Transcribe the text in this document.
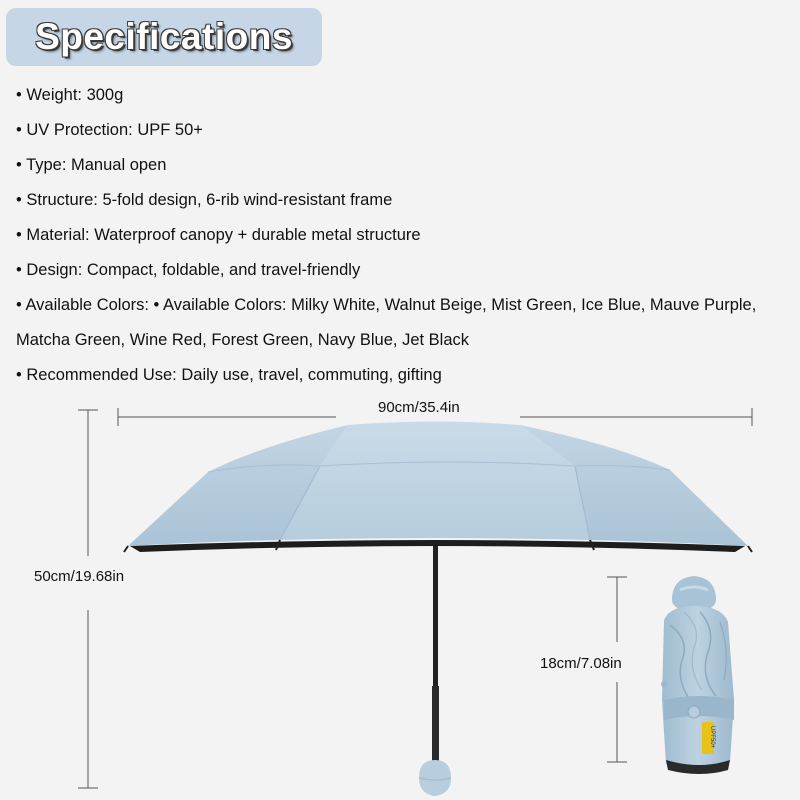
Specifications
• Weight: 300g
• UV Protection: UPF 50+
• Type: Manual open
• Structure: 5-fold design, 6-rib wind-resistant frame
• Material: Waterproof canopy + durable metal structure
• Design: Compact, foldable, and travel-friendly
• Available Colors: • Available Colors: Milky White, Walnut Beige, Mist Green, Ice Blue, Mauve Purple, Matcha Green, Wine Red, Forest Green, Navy Blue, Jet Black
• Recommended Use: Daily use, travel, commuting, gifting
UPF50+
90cm/35.4in
50cm/19.68in
18cm/7.08in
